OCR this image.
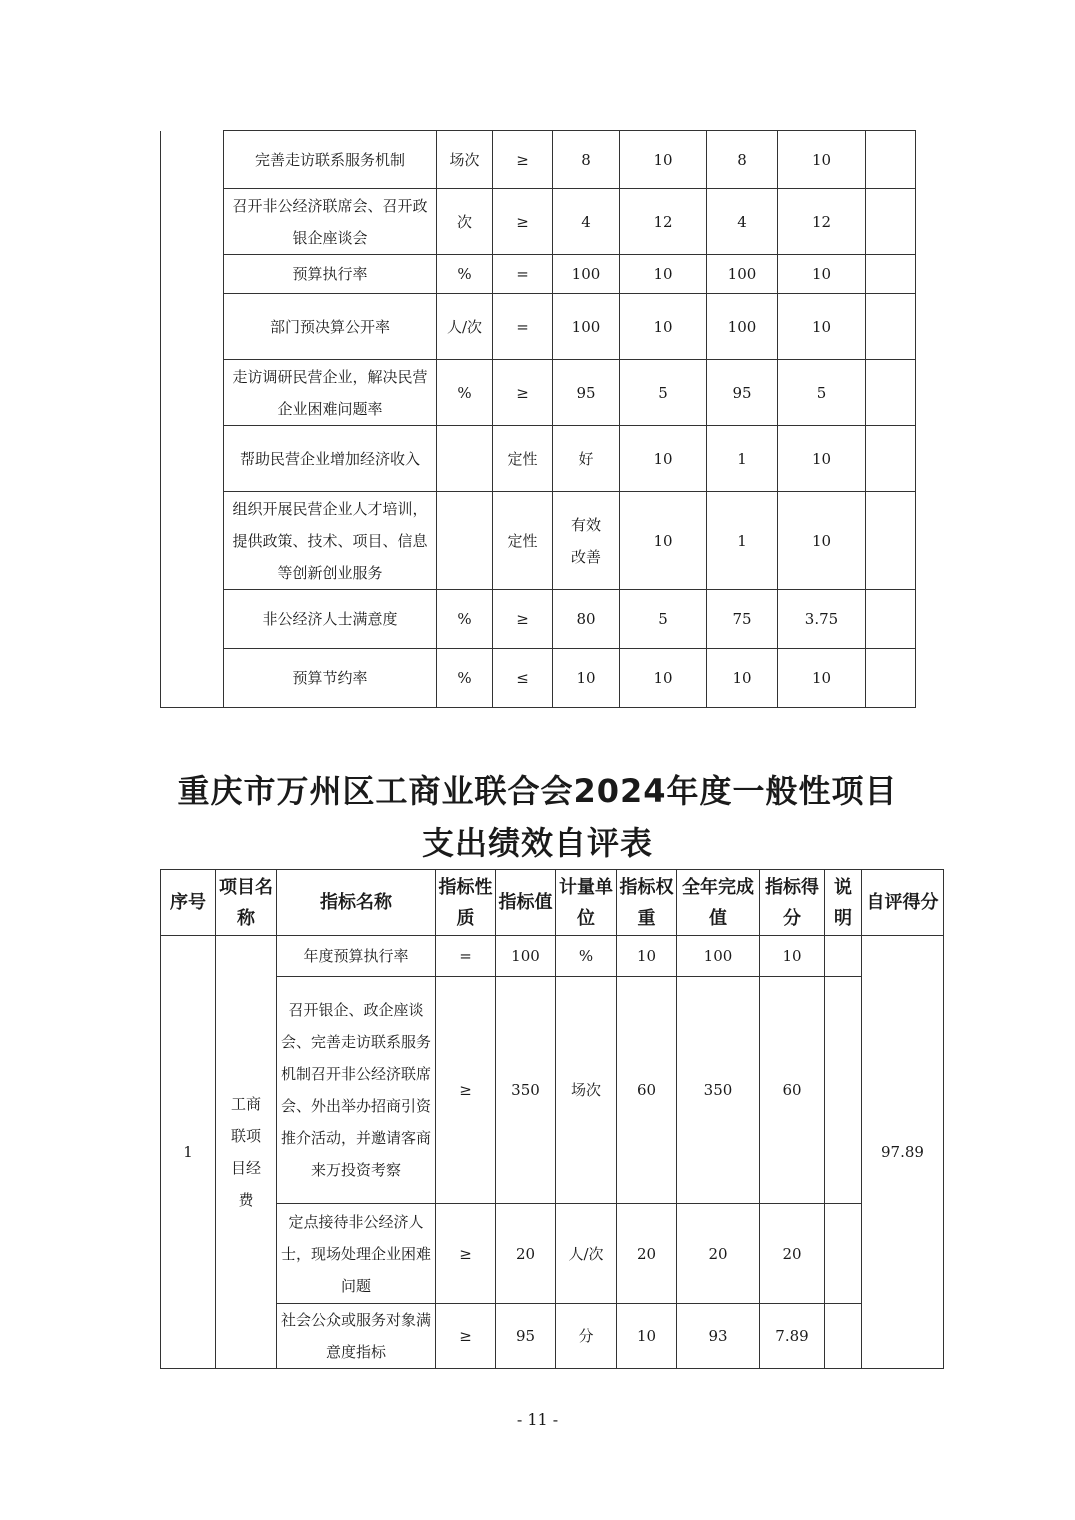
	完善走访联系服务机制	场次	≥	8	10	8	10	
	召开非公经济联席会、召开政银企座谈会	次	≥	4	12	4	12	
	预算执行率	%	=	100	10	100	10	
	部门预决算公开率	人/次	=	100	10	100	10	
	走访调研民营企业，解决民营企业困难问题率	%	≥	95	5	95	5	
	帮助民营企业增加经济收入		定性	好	10	1	10	
	组织开展民营企业人才培训，提供政策、技术、项目、信息等创新创业服务		定性	有效改善	10	1	10	
	非公经济人士满意度	%	≥	80	5	75	3.75	
	预算节约率	%	≤	10	10	10	10	
重庆市万州区工商业联合会2024年度一般性项目
支出绩效自评表
序号	项目名称	指标名称	指标性质	指标值	计量单位	指标权重	全年完成值	指标得分	说明	自评得分
1	工商联项目经费	年度预算执行率	=	100	%	10	100	10		97.89
		召开银企、政企座谈会、完善走访联系服务机制召开非公经济联席会、外出举办招商引资推介活动，并邀请客商来万投资考察	≥	350	场次	60	350	60		
		定点接待非公经济人士，现场处理企业困难问题	≥	20	人/次	20	20	20		
		社会公众或服务对象满意度指标	≥	95	分	10	93	7.89		
- 11 -
